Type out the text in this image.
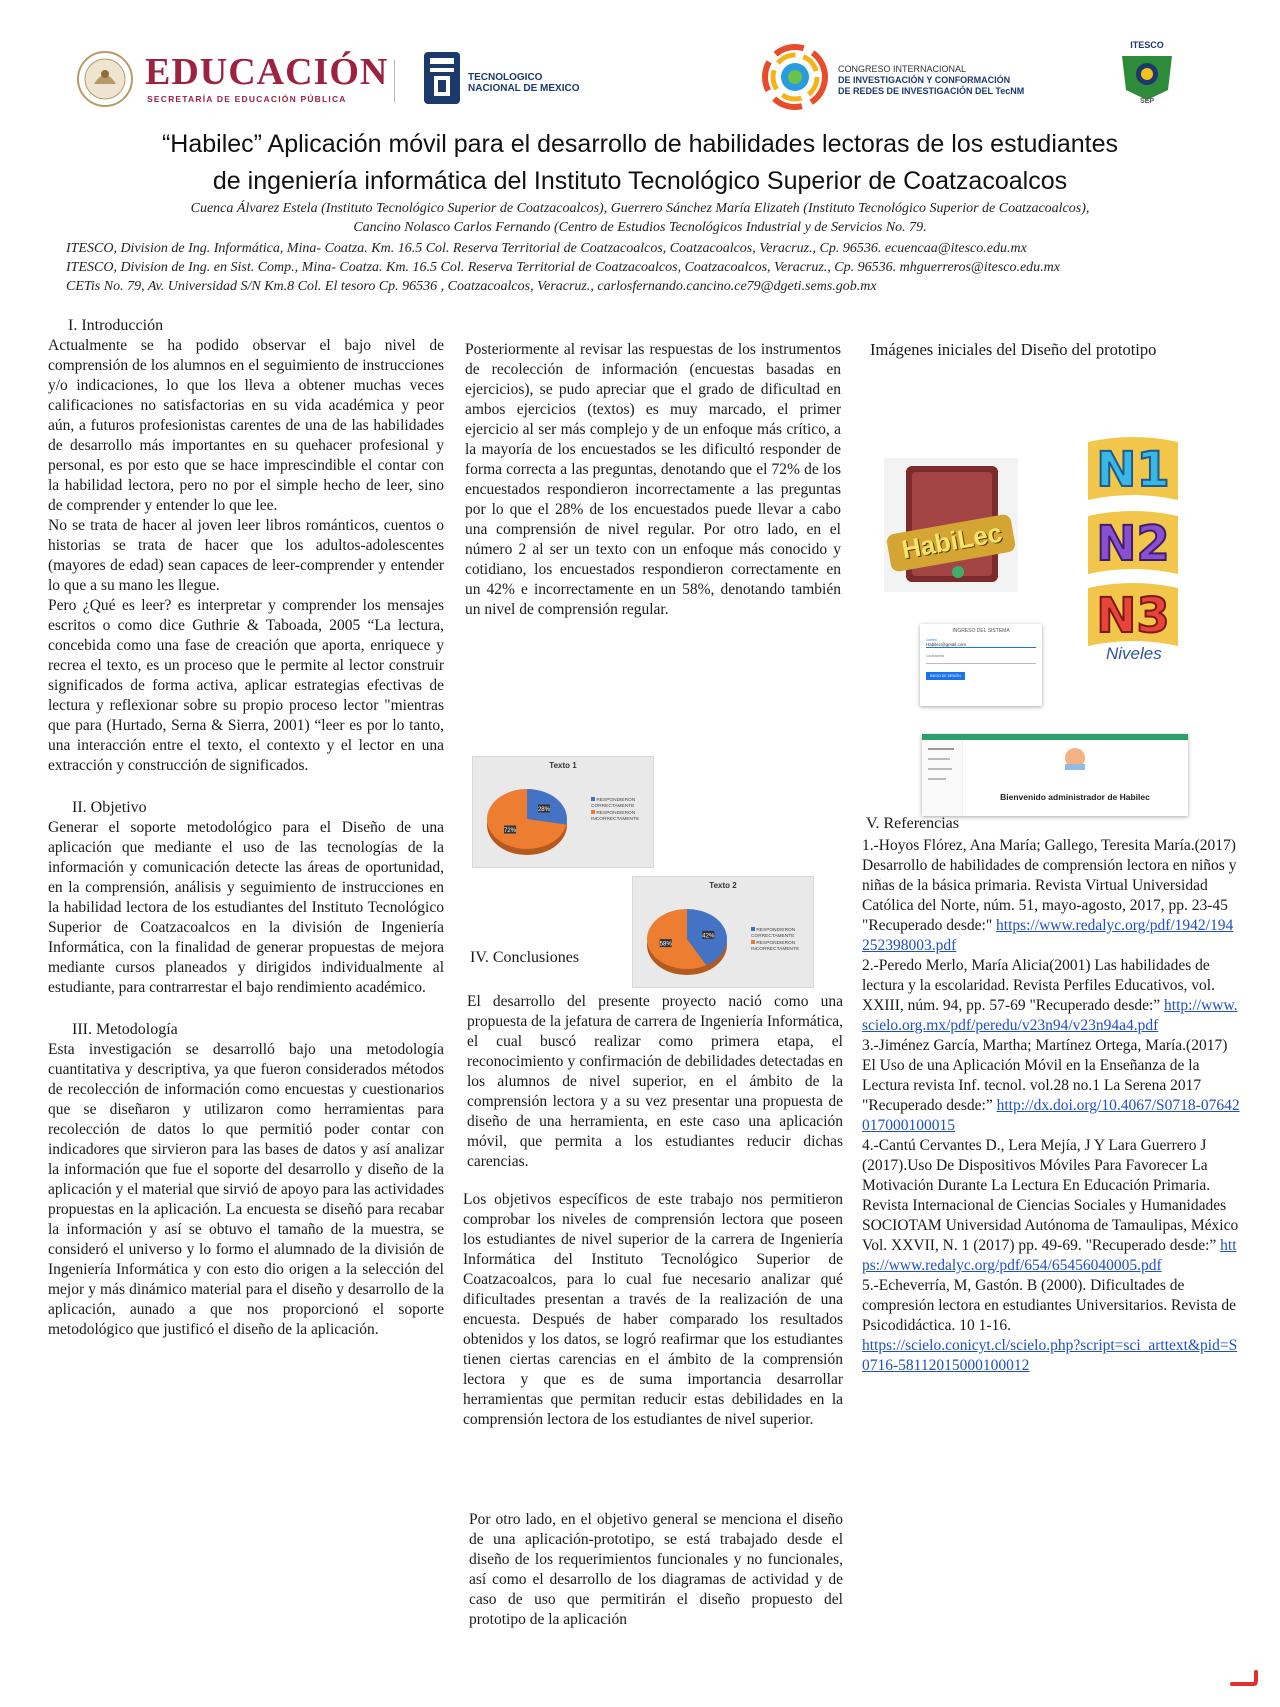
EDUCACIÓN
SECRETARÍA DE EDUCACIÓN PÚBLICA
TECNOLOGICO
NACIONAL DE MEXICO
CONGRESO INTERNACIONAL
DE INVESTIGACIÓN Y CONFORMACIÓN
DE REDES DE INVESTIGACIÓN DEL TecNM
ITESCO
SEP
“Habilec” Aplicación móvil para el desarrollo de habilidades lectoras de los estudiantes
de ingeniería informática del Instituto Tecnológico Superior de Coatzacoalcos
Cuenca Álvarez Estela (Instituto Tecnológico Superior de Coatzacoalcos), Guerrero Sánchez María Elizateh (Instituto Tecnológico Superior de Coatzacoalcos),
Cancino Nolasco Carlos Fernando (Centro de Estudios Tecnológicos Industrial y de Servicios No. 79.
ITESCO, Division de Ing. Informática, Mina- Coatza. Km. 16.5 Col. Reserva Territorial de Coatzacoalcos, Coatzacoalcos, Veracruz., Cp. 96536. ecuencaa@itesco.edu.mx
ITESCO, Division de Ing. en Sist. Comp., Mina- Coatza. Km. 16.5 Col. Reserva Territorial de Coatzacoalcos, Coatzacoalcos, Veracruz., Cp. 96536. mhguerreros@itesco.edu.mx
CETis No. 79, Av. Universidad S/N Km.8 Col. El tesoro Cp. 96536 , Coatzacoalcos, Veracruz., carlosfernando.cancino.ce79@dgeti.sems.gob.mx
I. Introducción

Actualmente se ha podido observar el bajo nivel de comprensión de los alumnos en el seguimiento de instrucciones y/o indicaciones, lo que los lleva a obtener muchas veces calificaciones no satisfactorias en su vida académica y peor aún, a futuros profesionistas carentes de una de las habilidades de desarrollo más importantes en su quehacer profesional y personal, es por esto que se hace imprescindible el contar con la habilidad lectora, pero no por el simple hecho de leer, sino de comprender y entender lo que lee.

No se trata de hacer al joven leer libros románticos, cuentos o historias se trata de hacer que los adultos-adolescentes (mayores de edad) sean capaces de leer-comprender y entender lo que a su mano les llegue.

Pero ¿Qué es leer? es interpretar y comprender los mensajes escritos o como dice Guthrie & Taboada, 2005 “La lectura, concebida como una fase de creación que aporta, enriquece y recrea el texto, es un proceso que le permite al lector construir significados de forma activa, aplicar estrategias efectivas de lectura y reflexionar sobre su propio proceso lector "mientras que para (Hurtado, Serna & Sierra, 2001) “leer es por lo tanto, una interacción entre el texto, el contexto y el lector en una extracción y construcción de significados.

II. Objetivo

Generar el soporte metodológico para el Diseño de una aplicación que mediante el uso de las tecnologías de la información y comunicación detecte las áreas de oportunidad, en la comprensión, análisis y seguimiento de instrucciones en la habilidad lectora de los estudiantes del Instituto Tecnológico Superior de Coatzacoalcos en la división de Ingeniería Informática, con la finalidad de generar propuestas de mejora mediante cursos planeados y dirigidos individualmente al estudiante, para contrarrestar el bajo rendimiento académico.

III. Metodología

Esta investigación se desarrolló bajo una metodología cuantitativa y descriptiva, ya que fueron considerados métodos de recolección de información como encuestas y cuestionarios que se diseñaron y utilizaron como herramientas para recolección de datos lo que permitió poder contar con indicadores que sirvieron para las bases de datos y así analizar la información que fue el soporte del desarrollo y diseño de la aplicación y el material que sirvió de apoyo para las actividades propuestas en la aplicación. La encuesta se diseñó para recabar la información y así se obtuvo el tamaño de la muestra, se consideró el universo y lo formo el alumnado de la división de Ingeniería Informática y con esto dio origen a la selección del mejor y más dinámico material para el diseño y desarrollo de la aplicación, aunado a que nos proporcionó el soporte metodológico que justificó el diseño de la aplicación.

Posteriormente al revisar las respuestas de los instrumentos de recolección de información (encuestas basadas en ejercicios), se pudo apreciar que el grado de dificultad en ambos ejercicios (textos) es muy marcado, el primer ejercicio al ser más complejo y de un enfoque más crítico, a la mayoría de los encuestados se les dificultó responder de forma correcta a las preguntas, denotando que el 72% de los encuestados respondieron incorrectamente a las preguntas por lo que el 28% de los encuestados puede llevar a cabo una comprensión de nivel regular. Por otro lado, en el número 2 al ser un texto con un enfoque más conocido y cotidiano, los encuestados respondieron correctamente en un 42% e incorrectamente en un 58%, denotando también un nivel de comprensión regular.

Texto 1
28%
72%
RESPONDIERON CORRECTAMENTE
RESPONDIERON INCORRECTAMENTE
Texto 2
42%
58%
RESPONDIERON CORRECTAMENTE
RESPONDIERON INCORRECTAMENTE
IV. Conclusiones

El desarrollo del presente proyecto nació como una propuesta de la jefatura de carrera de Ingeniería Informática, el cual buscó realizar como primera etapa, el reconocimiento y confirmación de debilidades detectadas en los alumnos de nivel superior, en el ámbito de la comprensión lectora y a su vez presentar una propuesta de diseño de una herramienta, en este caso una aplicación móvil, que permita a los estudiantes reducir dichas carencias.

Los objetivos específicos de este trabajo nos permitieron comprobar los niveles de comprensión lectora que poseen los estudiantes de nivel superior de la carrera de Ingeniería Informática del Instituto Tecnológico Superior de Coatzacoalcos, para lo cual fue necesario analizar qué dificultades presentan a través de la realización de una encuesta. Después de haber comparado los resultados obtenidos y los datos, se logró reafirmar que los estudiantes tienen ciertas carencias en el ámbito de la comprensión lectora y que es de suma importancia desarrollar herramientas que permitan reducir estas debilidades en la comprensión lectora de los estudiantes de nivel superior.

Por otro lado, en el objetivo general se menciona el diseño de una aplicación-prototipo, se está trabajado desde el diseño de los requerimientos funcionales y no funcionales, así como el desarrollo de los diagramas de actividad y de caso de uso que permitirán el diseño propuesto del prototipo de la aplicación

Imágenes iniciales del Diseño del prototipo
HabiLec
N1
N2
N3
Niveles
INGRESO DEL SISTEMA
Correo
Habilec@gmail.com
Contraseña
INICIO DE SESIÓN
Bienvenido administrador de Habilec
V. Referencias
1.-Hoyos Flórez, Ana María; Gallego, Teresita María.(2017) Desarrollo de habilidades de comprensión lectora en niños y niñas de la básica primaria. Revista Virtual Universidad Católica del Norte, núm. 51, mayo-agosto, 2017, pp. 23-45 "Recuperado desde:" https://www.redalyc.org/pdf/1942/194252398003.pdf
2.-Peredo Merlo, María Alicia(2001) Las habilidades de lectura y la escolaridad. Revista Perfiles Educativos, vol. XXIII, núm. 94, pp. 57-69 "Recuperado desde:” http://www.scielo.org.mx/pdf/peredu/v23n94/v23n94a4.pdf
3.-Jiménez García, Martha; Martínez Ortega, María.(2017) El Uso de una Aplicación Móvil en la Enseñanza de la Lectura revista Inf. tecnol. vol.28 no.1 La Serena 2017 "Recuperado desde:” http://dx.doi.org/10.4067/S0718-07642017000100015
4.-Cantú Cervantes D., Lera Mejía, J Y Lara Guerrero J (2017).Uso De Dispositivos Móviles Para Favorecer La Motivación Durante La Lectura En Educación Primaria. Revista Internacional de Ciencias Sociales y Humanidades SOCIOTAM Universidad Autónoma de Tamaulipas, México Vol. XXVII, N. 1 (2017) pp. 49-69. "Recuperado desde:” https://www.redalyc.org/pdf/654/65456040005.pdf
5.-Echeverría, M, Gastón. B (2000). Dificultades de compresión lectora en estudiantes Universitarios. Revista de Psicodidáctica. 10 1-16.
https://scielo.conicyt.cl/scielo.php?script=sci_arttext&pid=S0716-58112015000100012
